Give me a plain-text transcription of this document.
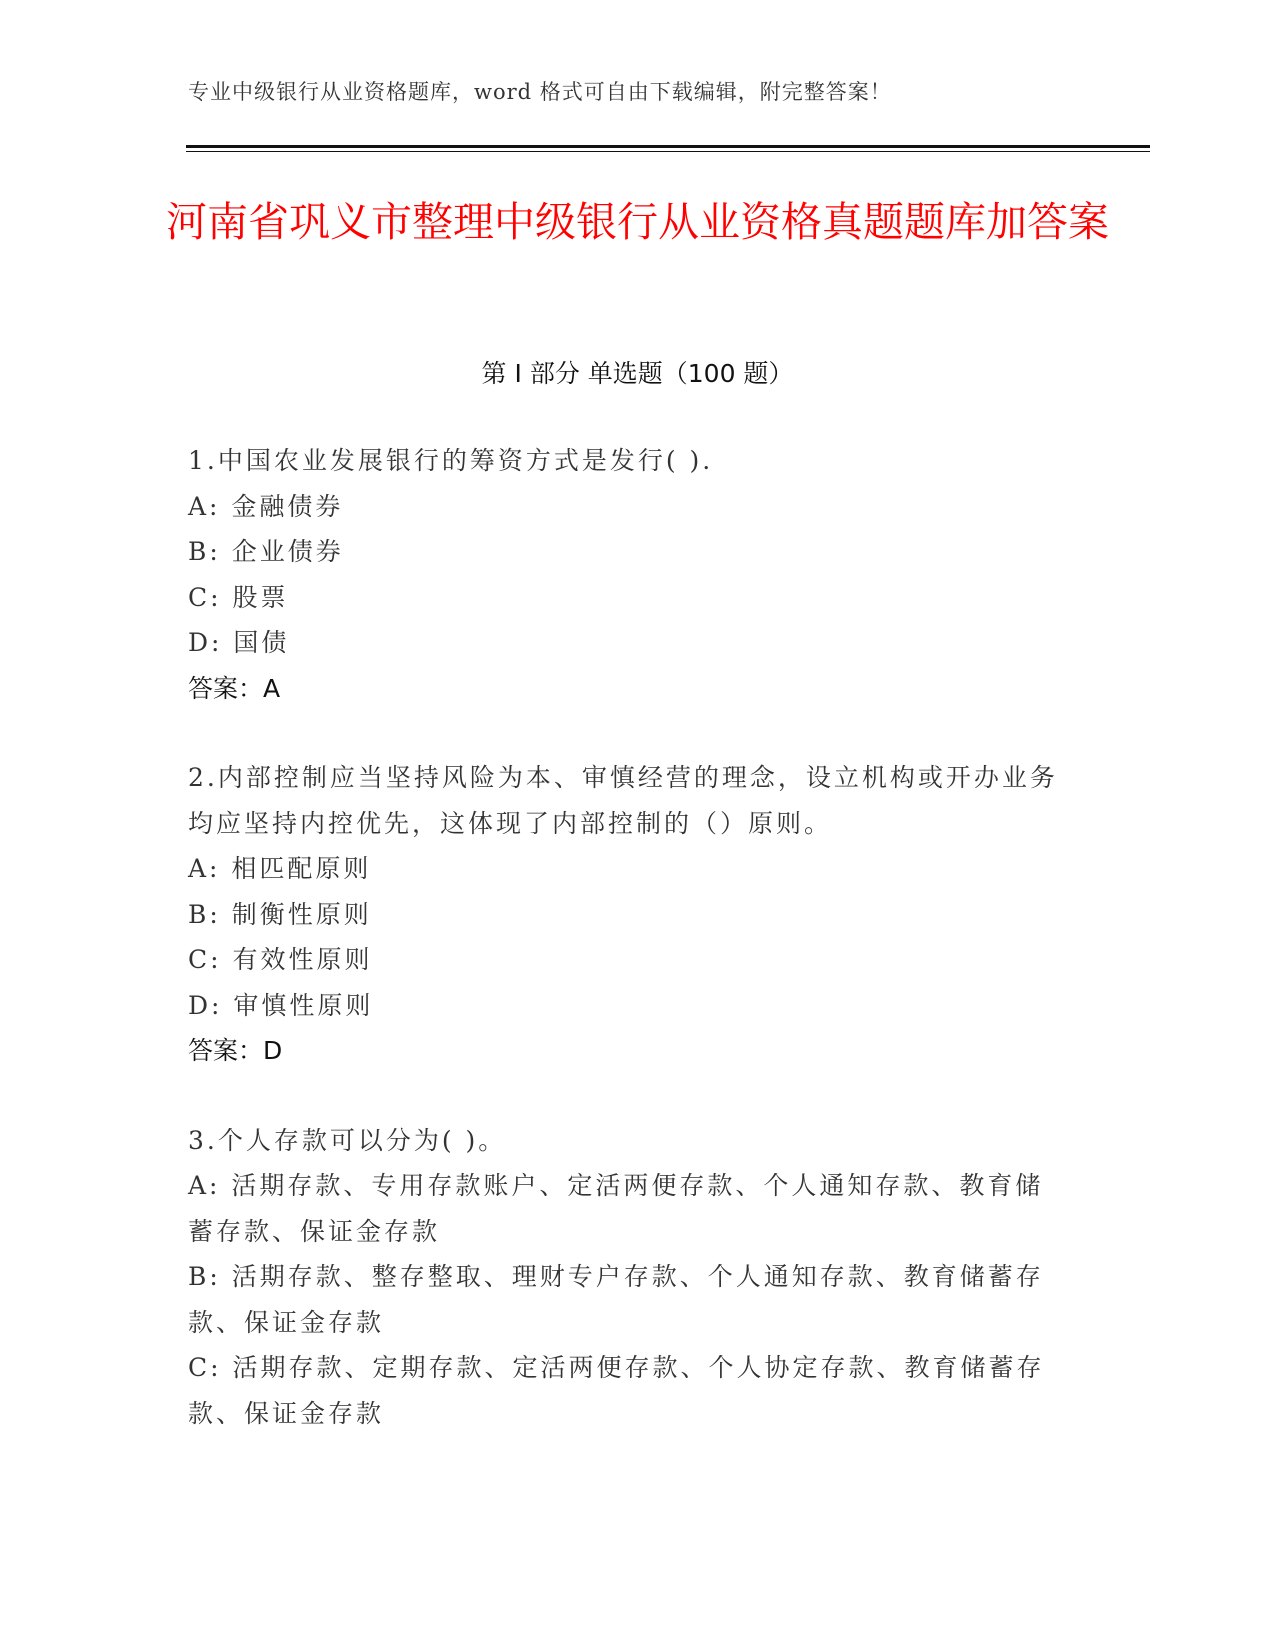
专业中级银行从业资格题库，word 格式可自由下载编辑，附完整答案！
河南省巩义市整理中级银行从业资格真题题库加答案
第 I 部分 单选题（100 题）
1.中国农业发展银行的筹资方式是发行( ).
A: 金融债券
B: 企业债券
C: 股票
D: 国债
答案：A
2.内部控制应当坚持风险为本、审慎经营的理念，设立机构或开办业务均应坚持内控优先，这体现了内部控制的（）原则。
A: 相匹配原则
B: 制衡性原则
C: 有效性原则
D: 审慎性原则
答案：D
3.个人存款可以分为( )。
A: 活期存款、专用存款账户、定活两便存款、个人通知存款、教育储蓄存款、保证金存款
B: 活期存款、整存整取、理财专户存款、个人通知存款、教育储蓄存款、保证金存款
C: 活期存款、定期存款、定活两便存款、个人协定存款、教育储蓄存款、保证金存款
